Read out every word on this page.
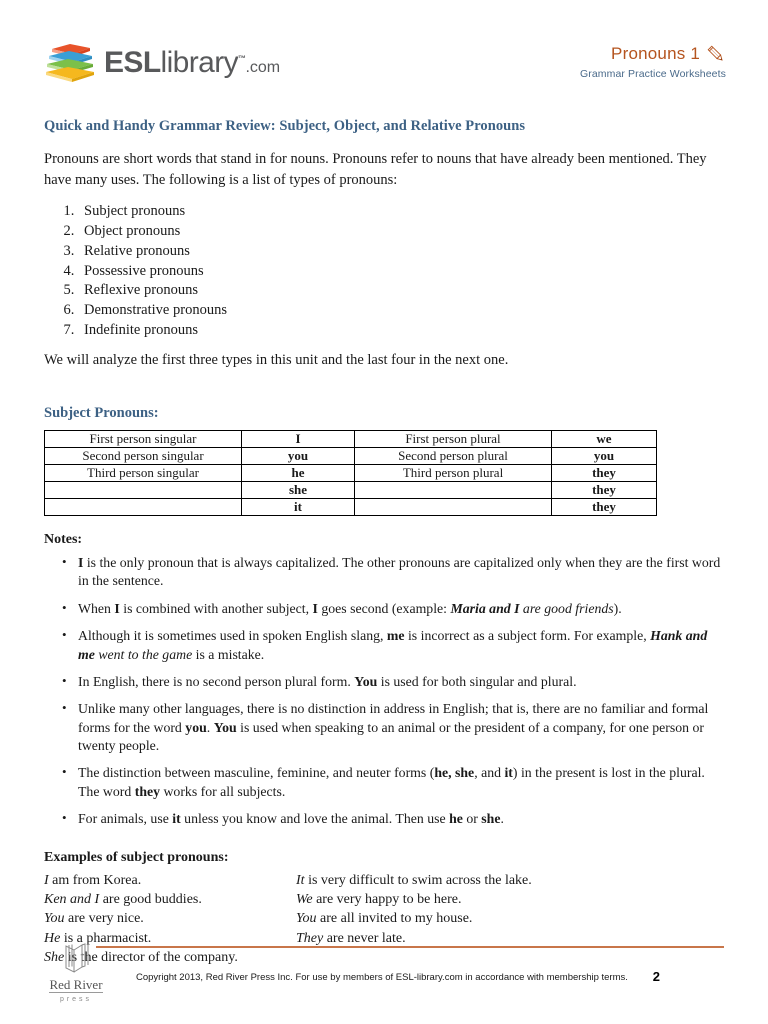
ESLlibrary™.com
Pronouns 1
Grammar Practice Worksheets
Quick and Handy Grammar Review: Subject, Object, and Relative Pronouns

Pronouns are short words that stand in for nouns. Pronouns refer to nouns that have already been mentioned. They have many uses. The following is a list of types of pronouns:

1. Subject pronouns
2. Object pronouns
3. Relative pronouns
4. Possessive pronouns
5. Reflexive pronouns
6. Demonstrative pronouns
7. Indefinite pronouns

We will analyze the first three types in this unit and the last four in the next one.

Subject Pronouns:
First person singular	I	First person plural	we
Second person singular	you	Second person plural	you
Third person singular	he	Third person plural	they
	she		they
	it		they
Notes:
• I is the only pronoun that is always capitalized. The other pronouns are capitalized only when they are the first word in the sentence.
• When I is combined with another subject, I goes second (example: Maria and I are good friends).
• Although it is sometimes used in spoken English slang, me is incorrect as a subject form. For example, Hank and me went to the game is a mistake.
• In English, there is no second person plural form. You is used for both singular and plural.
• Unlike many other languages, there is no distinction in address in English; that is, there are no familiar and formal forms for the word you. You is used when speaking to an animal or the president of a company, for one person or twenty people.
• The distinction between masculine, feminine, and neuter forms (he, she, and it) in the present is lost in the plural. The word they works for all subjects.
• For animals, use it unless you know and love the animal. Then use he or she.
Examples of subject pronouns:
I am from Korea.
Ken and I are good buddies.
You are very nice.
He is a pharmacist.
She is the director of the company.
It is very difficult to swim across the lake.
We are very happy to be here.
You are all invited to my house.
They are never late.
Red River
press
Copyright 2013, Red River Press Inc. For use by members of ESL-library.com in accordance with membership terms. 2
